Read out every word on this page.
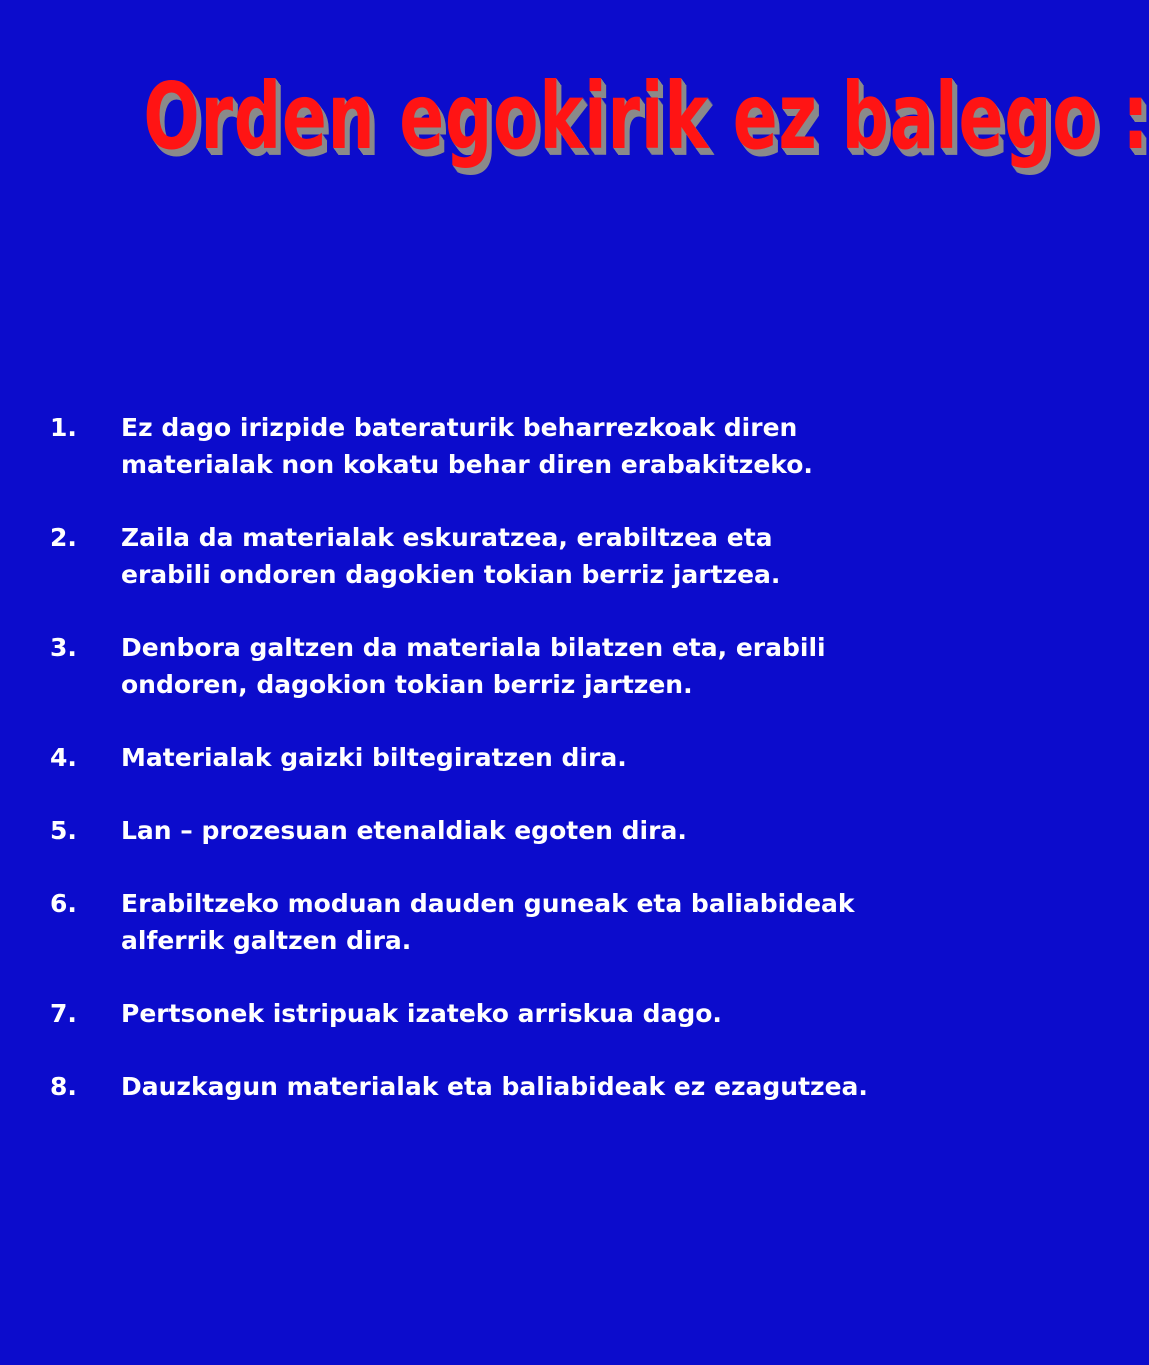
Orden egokirik ez balego :
1. Ez dago irizpide bateraturik beharrezkoak diren
materialak non kokatu behar diren erabakitzeko.
2. Zaila da materialak eskuratzea, erabiltzea eta
erabili ondoren dagokien tokian berriz jartzea.
3. Denbora galtzen da materiala bilatzen eta, erabili
ondoren, dagokion tokian berriz jartzen.
4. Materialak gaizki biltegiratzen dira.
5. Lan – prozesuan etenaldiak egoten dira.
6. Erabiltzeko moduan dauden guneak eta baliabideak
alferrik galtzen dira.
7. Pertsonek istripuak izateko arriskua dago.
8. Dauzkagun materialak eta baliabideak ez ezagutzea.
